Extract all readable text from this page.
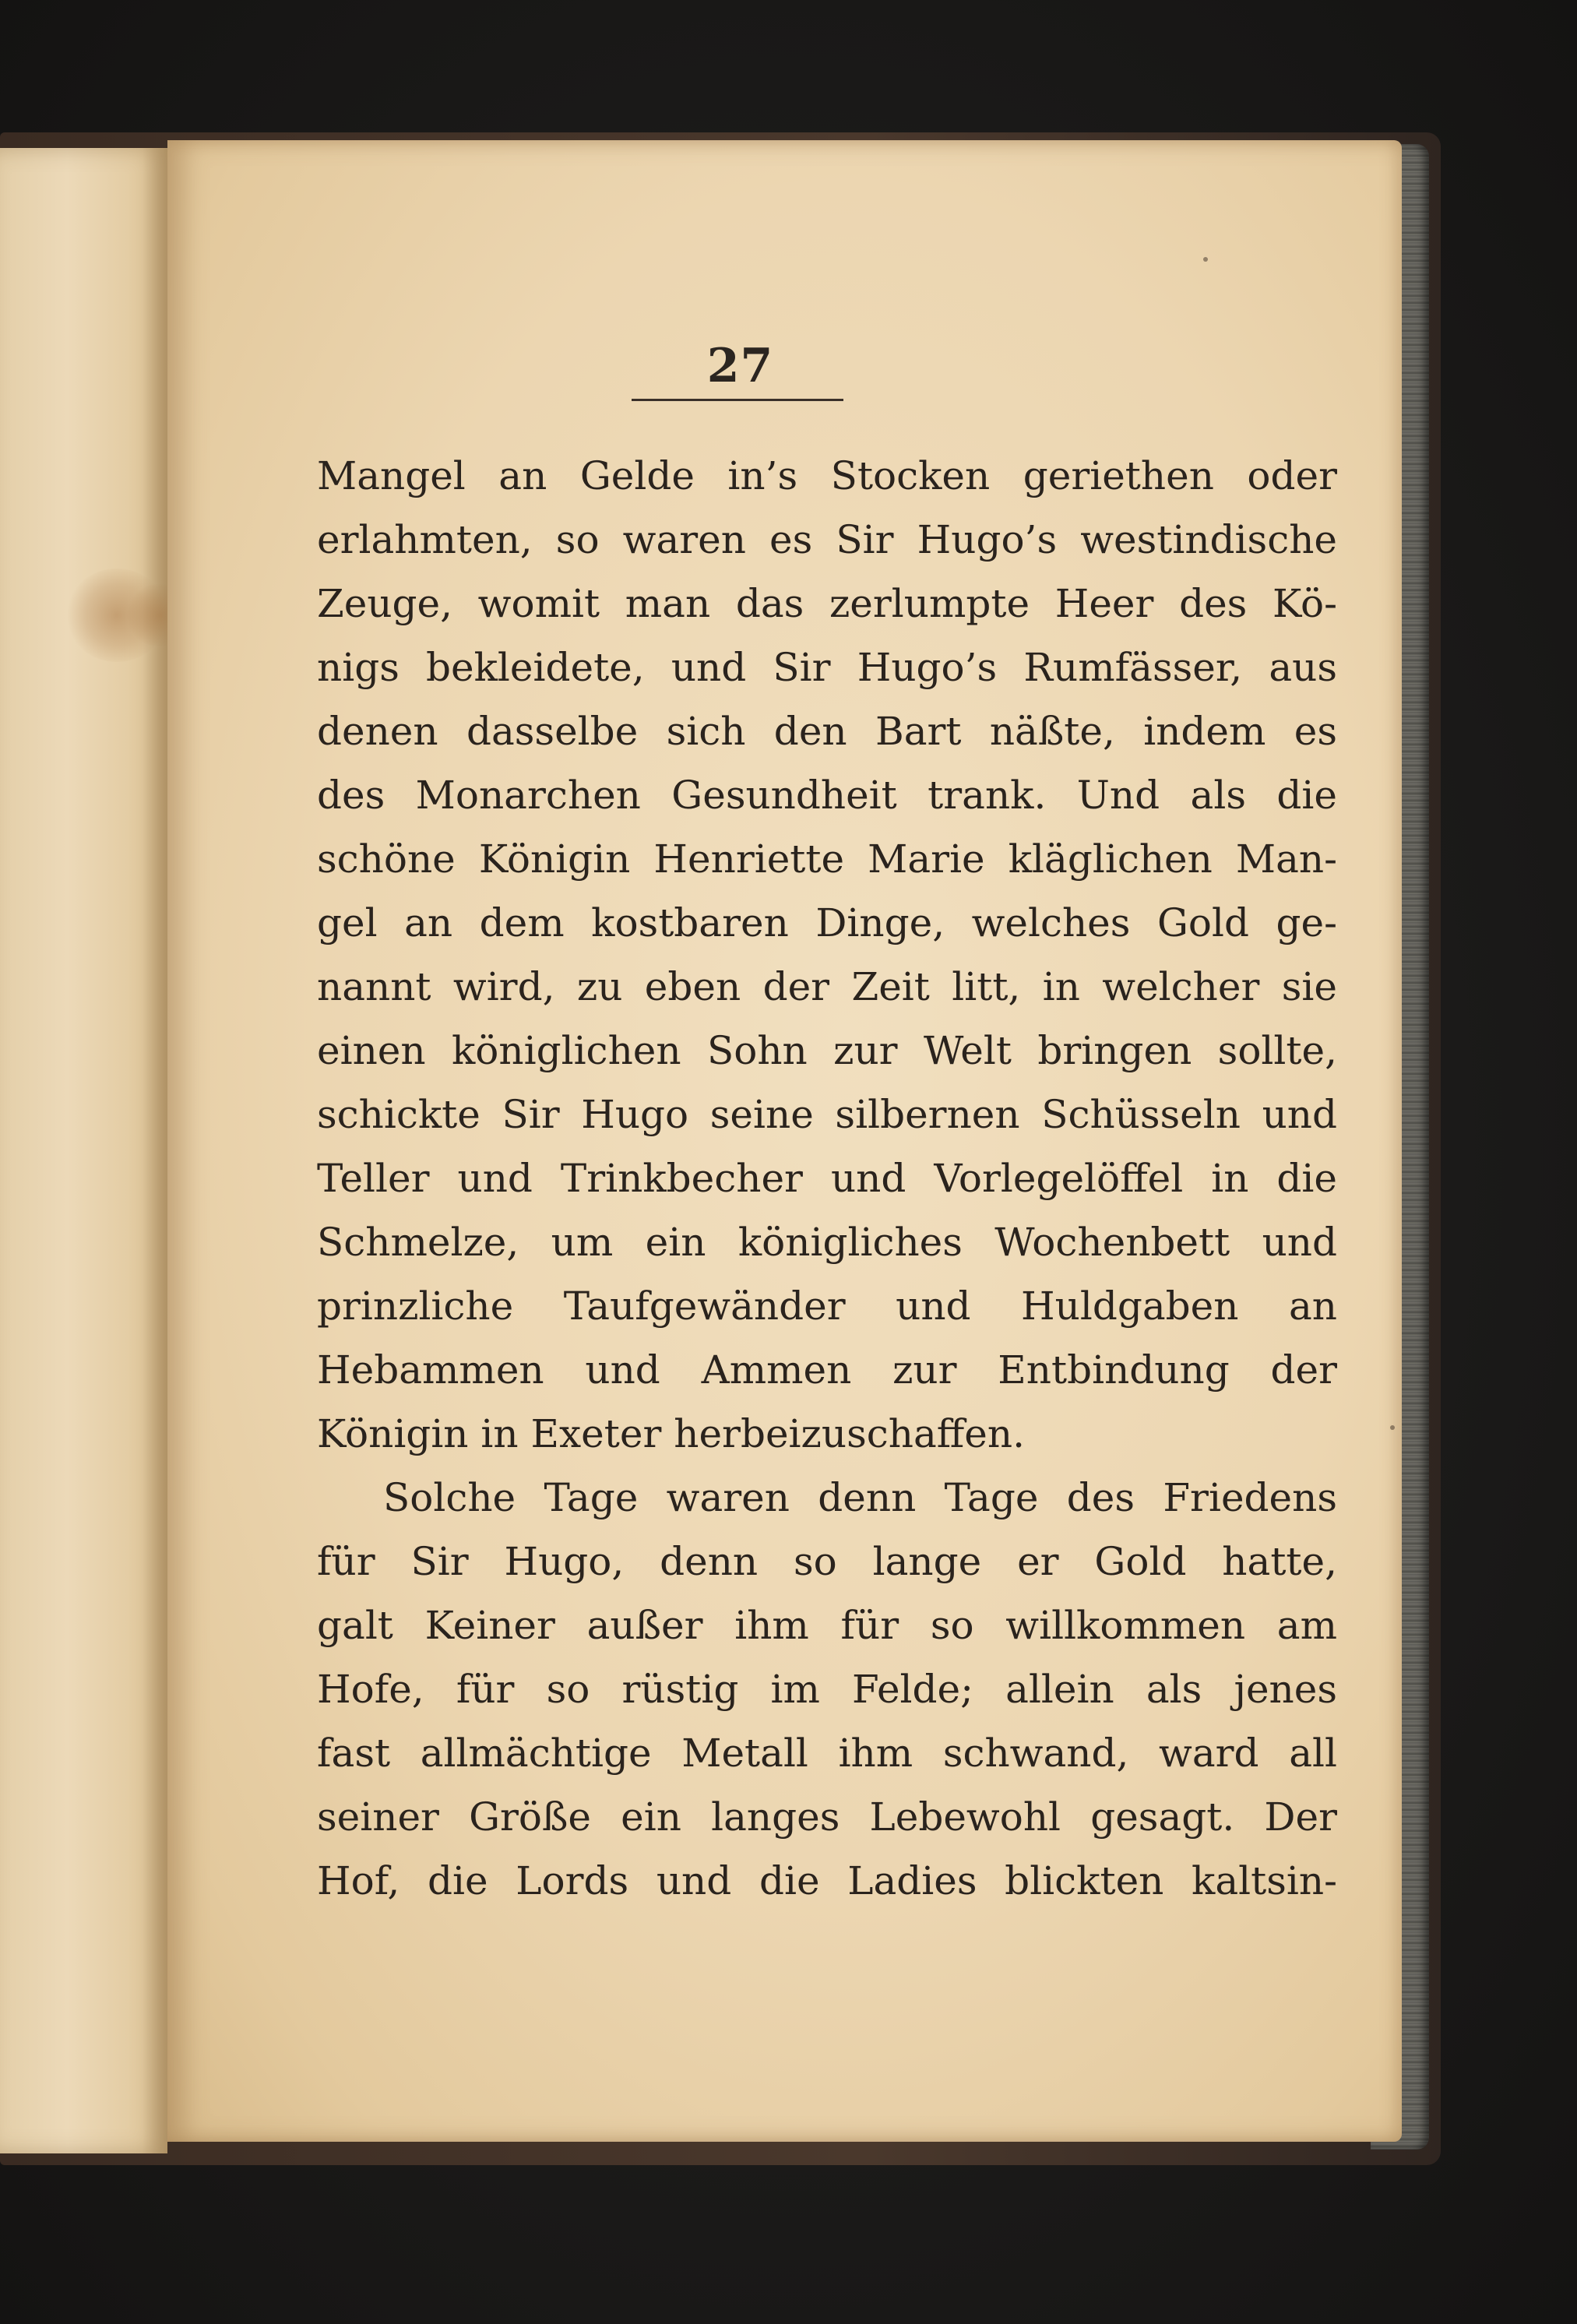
27
Mangel an Gelde in’s Stocken geriethen oder
erlahmten, so waren es Sir Hugo’s westindische
Zeuge, womit man das zerlumpte Heer des Kö-
nigs bekleidete, und Sir Hugo’s Rumfässer, aus
denen dasselbe sich den Bart näßte, indem es
des Monarchen Gesundheit trank. Und als die
schöne Königin Henriette Marie kläglichen Man-
gel an dem kostbaren Dinge, welches Gold ge-
nannt wird, zu eben der Zeit litt, in welcher sie
einen königlichen Sohn zur Welt bringen sollte,
schickte Sir Hugo seine silbernen Schüsseln und
Teller und Trinkbecher und Vorlegelöffel in die
Schmelze, um ein königliches Wochenbett und
prinzliche Taufgewänder und Huldgaben an
Hebammen und Ammen zur Entbindung der
Königin in Exeter herbeizuschaffen.
Solche Tage waren denn Tage des Friedens
für Sir Hugo, denn so lange er Gold hatte,
galt Keiner außer ihm für so willkommen am
Hofe, für so rüstig im Felde; allein als jenes
fast allmächtige Metall ihm schwand, ward all
seiner Größe ein langes Lebewohl gesagt. Der
Hof, die Lords und die Ladies blickten kaltsin-
